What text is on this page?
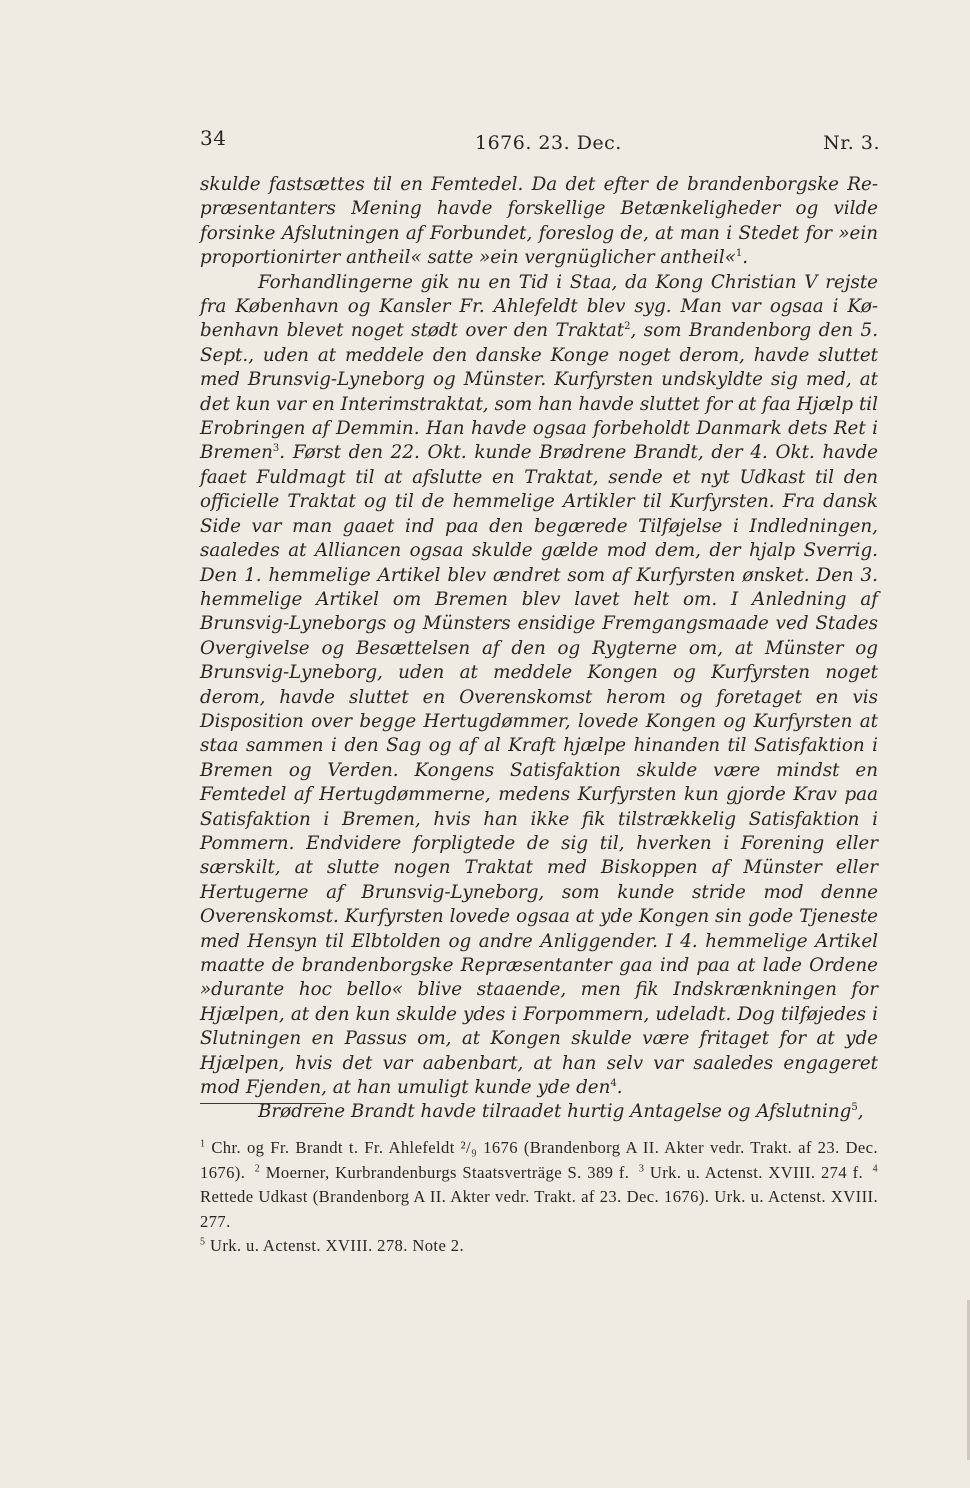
34	1676. 23. Dec.	Nr. 3.

skulde fastsættes til en Femtedel. Da det efter de brandenborgske Repræsentanters Mening havde forskellige Betænkeligheder og vilde forsinke Afslutningen af Forbundet, foreslog de, at man i Stedet for »ein proportionirter antheil« satte »ein vergnüglicher antheil«$^1$.

Forhandlingerne gik nu en Tid i Staa, da Kong Christian V rejste fra København og Kansler Fr. Ahlefeldt blev syg. Man var ogsaa i København blevet noget stødt over den Traktat$^2$, som Brandenborg den 5. Sept., uden at meddele den danske Konge noget derom, havde sluttet med Brunsvig-Lyneborg og Münster. Kurfyrsten undskyldte sig med, at det kun var en Interimstraktat, som han havde sluttet for at faa Hjælp til Erobringen af Demmin. Han havde ogsaa forbeholdt Danmark dets Ret i Bremen$^3$. Først den 22. Okt. kunde Brødrene Brandt, der 4. Okt. havde faaet Fuldmagt til at afslutte en Traktat, sende et nyt Udkast til den officielle Traktat og til de hemmelige Artikler til Kurfyrsten. Fra dansk Side var man gaaet ind paa den begærede Tilføjelse i Indledningen, saaledes at Alliancen ogsaa skulde gælde mod dem, der hjalp Sverrig. Den 1. hemmelige Artikel blev ændret som af Kurfyrsten ønsket. Den 3. hemmelige Artikel om Bremen blev lavet helt om. I Anledning af Brunsvig-Lyneborgs og Münsters ensidige Fremgangsmaade ved Stades Overgivelse og Besættelsen af den og Rygterne om, at Münster og Brunsvig-Lyneborg, uden at meddele Kongen og Kurfyrsten noget derom, havde sluttet en Overenskomst herom og foretaget en vis Disposition over begge Hertugdømmer, lovede Kongen og Kurfyrsten at staa sammen i den Sag og af al Kraft hjælpe hinanden til Satisfaktion i Bremen og Verden. Kongens Satisfaktion skulde være mindst en Femtedel af Hertugdømmerne, medens Kurfyrsten kun gjorde Krav paa Satisfaktion i Bremen, hvis han ikke fik tilstrækkelig Satisfaktion i Pommern. Endvidere forpligtede de sig til, hverken i Forening eller særskilt, at slutte nogen Traktat med Biskoppen af Münster eller Hertugerne af Brunsvig-Lyneborg, som kunde stride mod denne Overenskomst. Kurfyrsten lovede ogsaa at yde Kongen sin gode Tjeneste med Hensyn til Elbtolden og andre Anliggender. I 4. hemmelige Artikel maatte de brandenborgske Repræsentanter gaa ind paa at lade Ordene »durante hoc bello« blive staaende, men fik Indskrænkningen for Hjælpen, at den kun skulde ydes i Forpommern, udeladt. Dog tilføjedes i Slutningen en Passus om, at Kongen skulde være fritaget for at yde Hjælpen, hvis det var aabenbart, at han selv var saaledes engageret mod Fjenden, at han umuligt kunde yde den$^4$.

Brødrene Brandt havde tilraadet hurtig Antagelse og Afslutning$^5$,

$^1$ Chr. og Fr. Brandt t. Fr. Ahlefeldt ²/₉ 1676 (Brandenborg A II. Akter vedr. Trakt. af 23. Dec. 1676). $^2$ Moerner, Kurbrandenburgs Staatsverträge S. 389 f. $^3$ Urk. u. Actenst. XVIII. 274 f. $^4$ Rettede Udkast (Brandenborg A II. Akter vedr. Trakt. af 23. Dec. 1676). Urk. u. Actenst. XVIII. 277.
$^5$ Urk. u. Actenst. XVIII. 278. Note 2.
